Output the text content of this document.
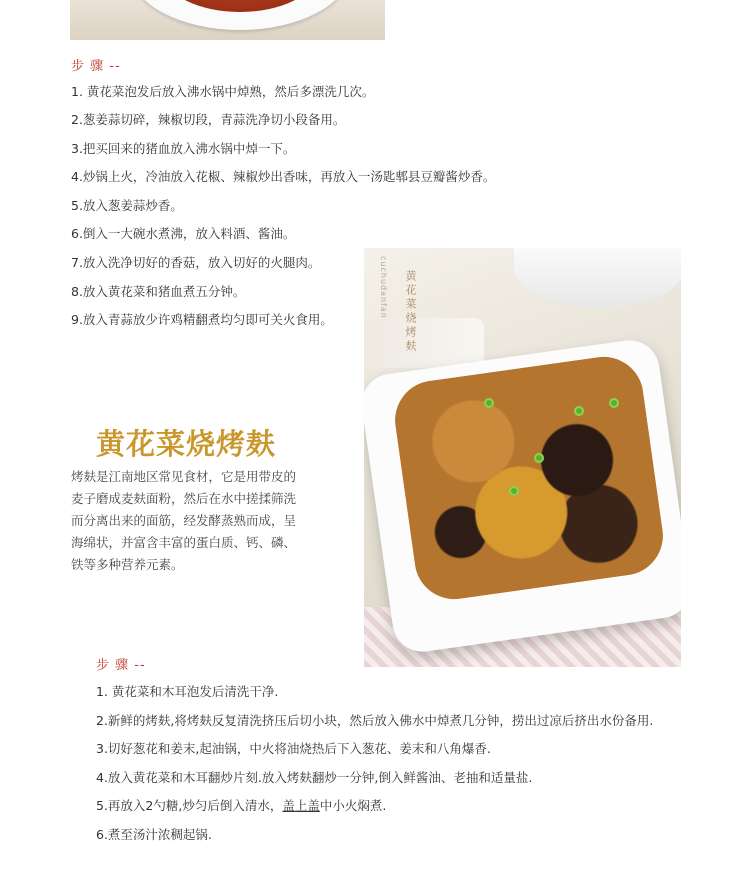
步 骤 --
1. 黄花菜泡发后放入沸水锅中焯熟，然后多漂洗几次。
2.葱姜蒜切碎，辣椒切段，青蒜洗净切小段备用。
3.把买回来的猪血放入沸水锅中焯一下。
4.炒锅上火，冷油放入花椒、辣椒炒出香味，再放入一汤匙郫县豆瓣酱炒香。
5.放入葱姜蒜炒香。
6.倒入一大碗水煮沸，放入料酒、酱油。
7.放入洗净切好的香菇，放入切好的火腿肉。
8.放入黄花菜和猪血煮五分钟。
9.放入青蒜放少许鸡精翻煮均匀即可关火食用。	黄花菜烧烤麸
cuchudanfan
黄花菜烧烤麸
烤麸是江南地区常见食材，它是用带皮的
麦子磨成麦麸面粉，然后在水中搓揉筛洗
而分离出来的面筋，经发酵蒸熟而成，呈
海绵状，并富含丰富的蛋白质、钙、磷、
铁等多种营养元素。
步 骤 --
1. 黄花菜和木耳泡发后清洗干净.
2.新鲜的烤麸,将烤麸反复清洗挤压后切小块，然后放入佛水中焯煮几分钟，捞出过凉后挤出水份备用.
3.切好葱花和姜末,起油锅，中火将油烧热后下入葱花、姜末和八角爆香.
4.放入黄花菜和木耳翻炒片刻.放入烤麸翻炒一分钟,倒入鲜酱油、老抽和适量盐.
5.再放入2勺糖,炒匀后倒入清水，盖上盖中小火焖煮.
6.煮至汤汁浓稠起锅.
